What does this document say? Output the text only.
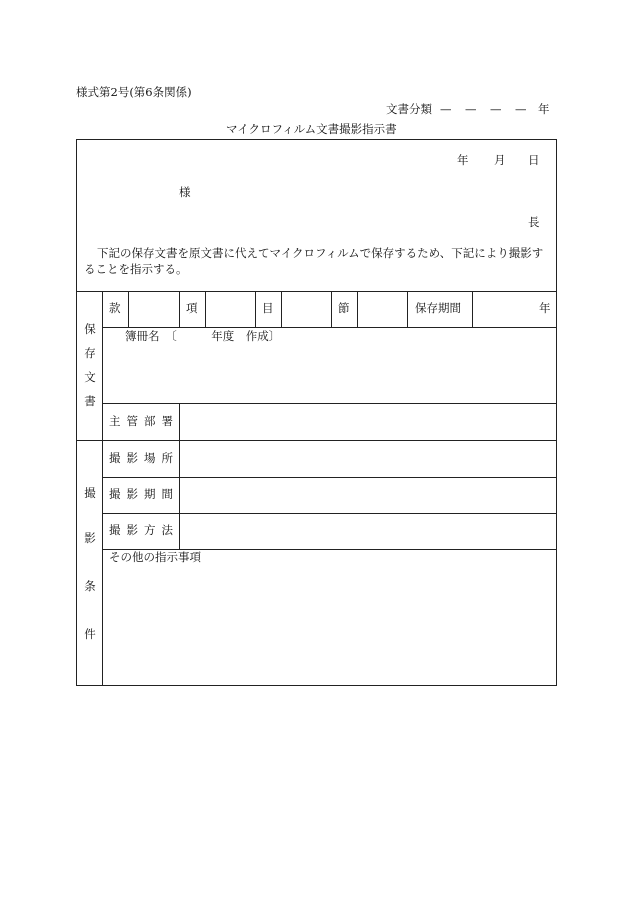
様式第2号(第6条関係)
文書分類 —　—　—　— 年
マイクロフィルム文書撮影指示書
年 月 日
様
長
下記の保存文書を原文書に代えてマイクロフィルムで保存するため、下記により撮影す
ることを指示する。
保
存
文
書
款	項	目	節	保存期間	年
簿冊名　〔　　　年度　作成〕
主管部署
撮
影
条
件
撮影場所
撮影期間
撮影方法
その他の指示事項
